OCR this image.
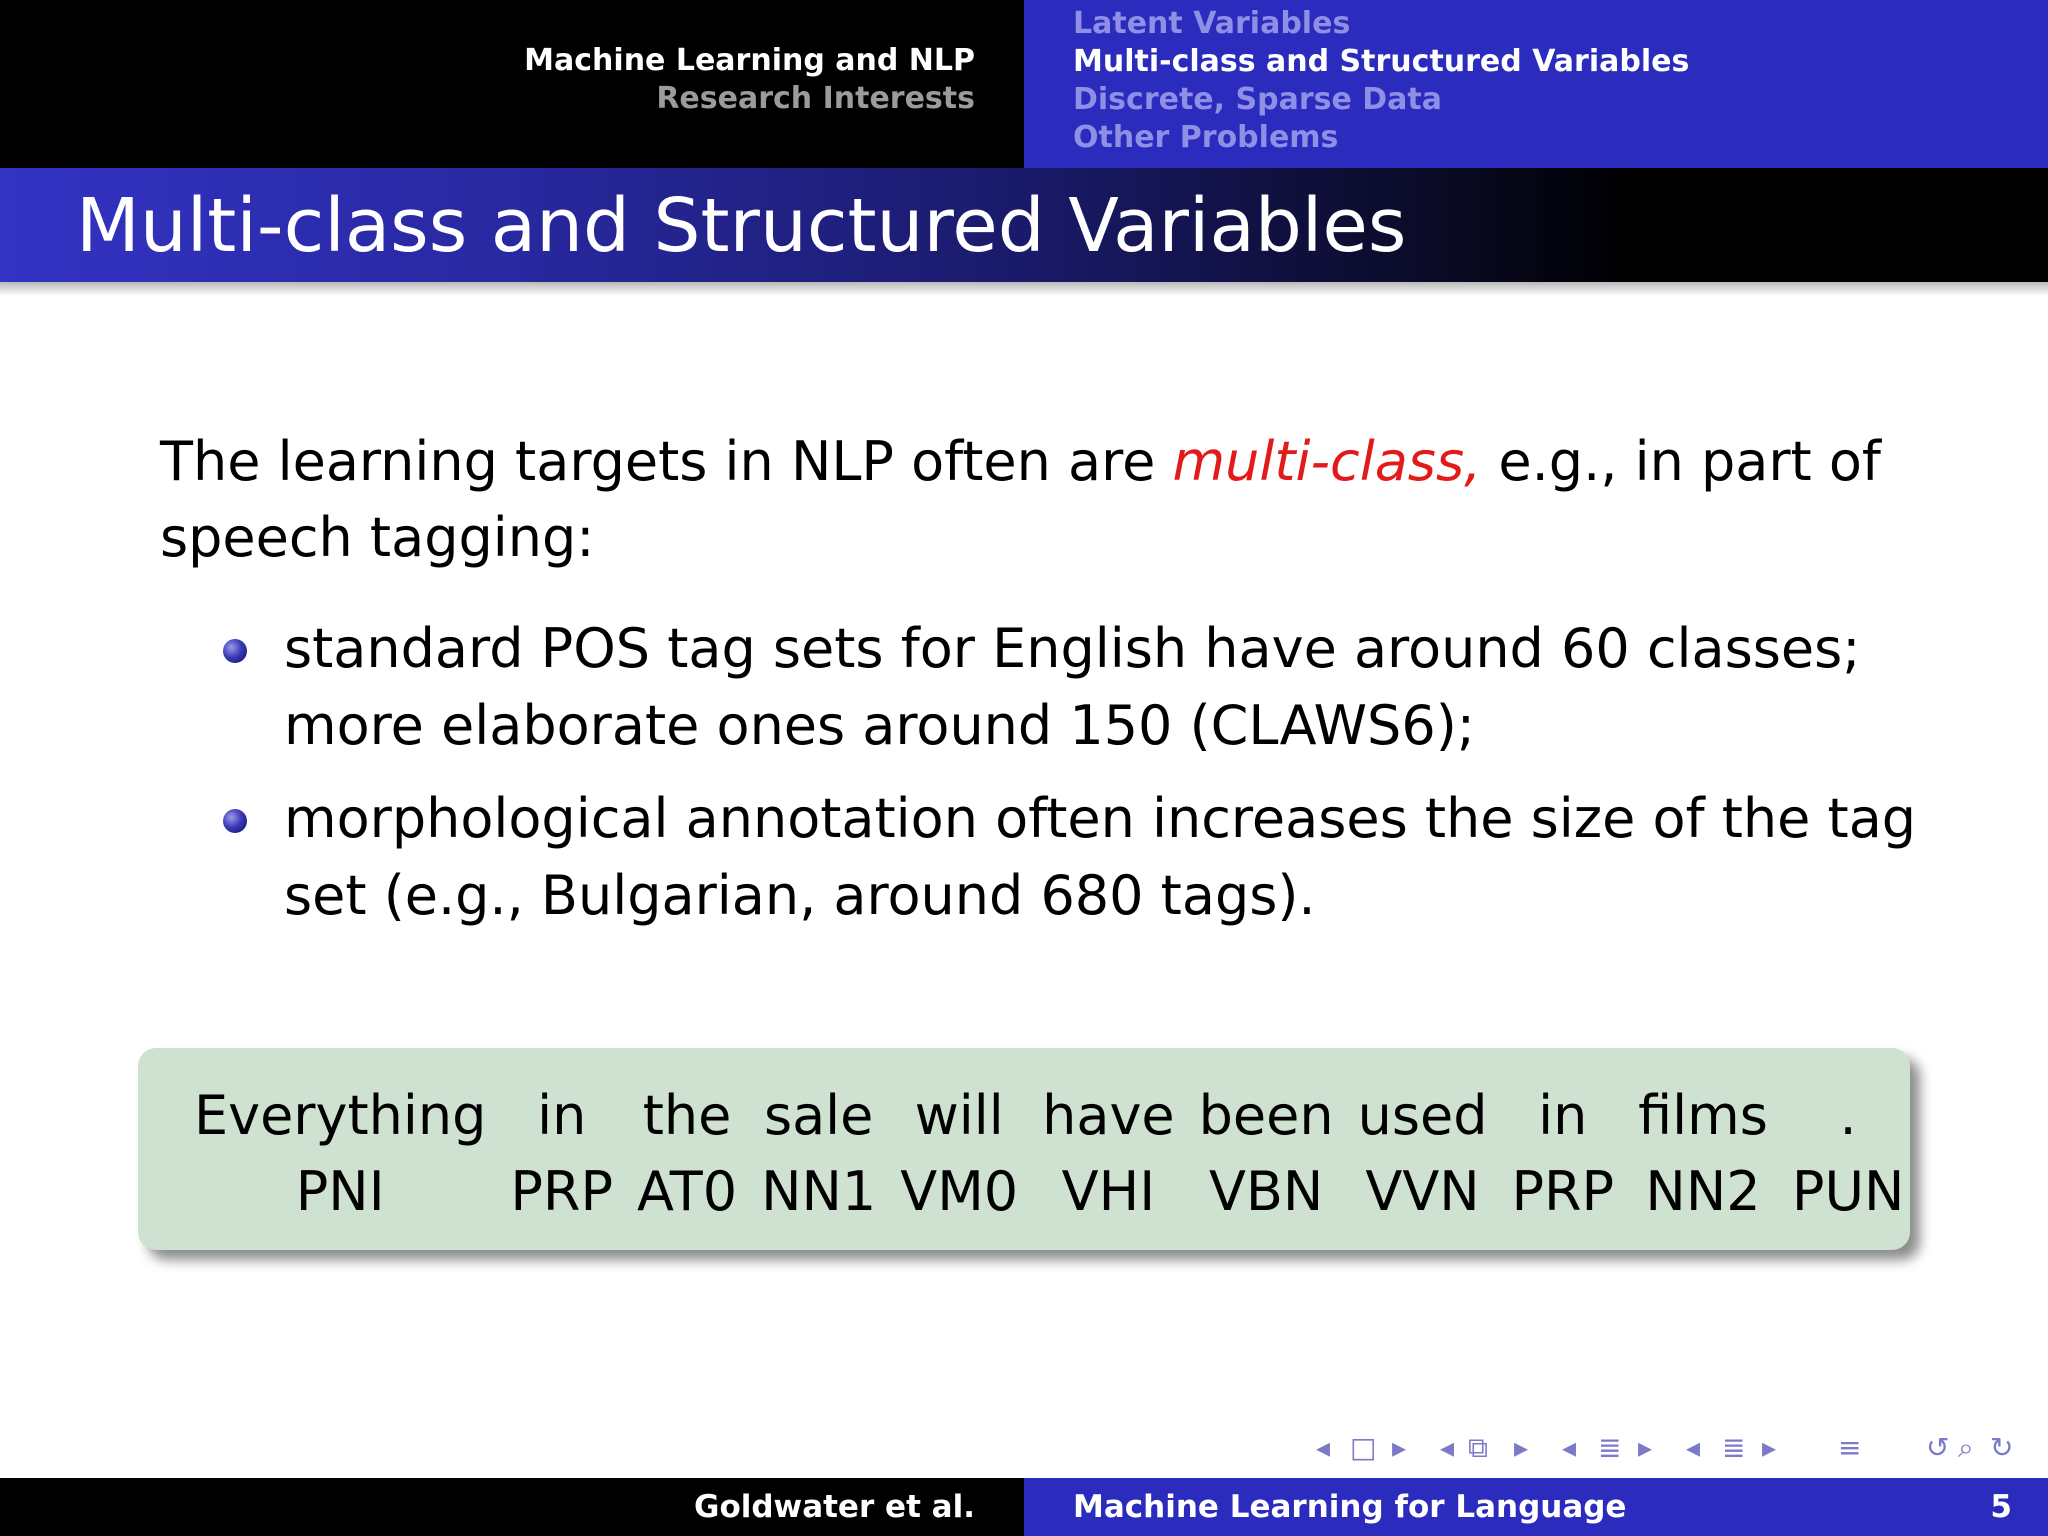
Machine Learning and NLP
Research Interests
Latent Variables
Multi-class and Structured Variables
Discrete, Sparse Data
Other Problems
Multi-class and Structured Variables
The learning targets in NLP often are multi-class, e.g., in part of speech tagging:
standard POS tag sets for English have around 60 classes; more elaborate ones around 150 (CLAWS6);
morphological annotation often increases the size of the tag set (e.g., Bulgarian, around 680 tags).
Everything	in	the	sale	will	have	been	used	in	films	.
PNI	PRP	AT0	NN1	VM0	VHI	VBN	VVN	PRP	NN2	PUN
◂ □ ▸ ◂ ⧉ ▸ ◂ ≣ ▸ ◂ ≣ ▸ ≡ ↺ ⌕ ↻
Goldwater et al.	Machine Learning for Language	5
